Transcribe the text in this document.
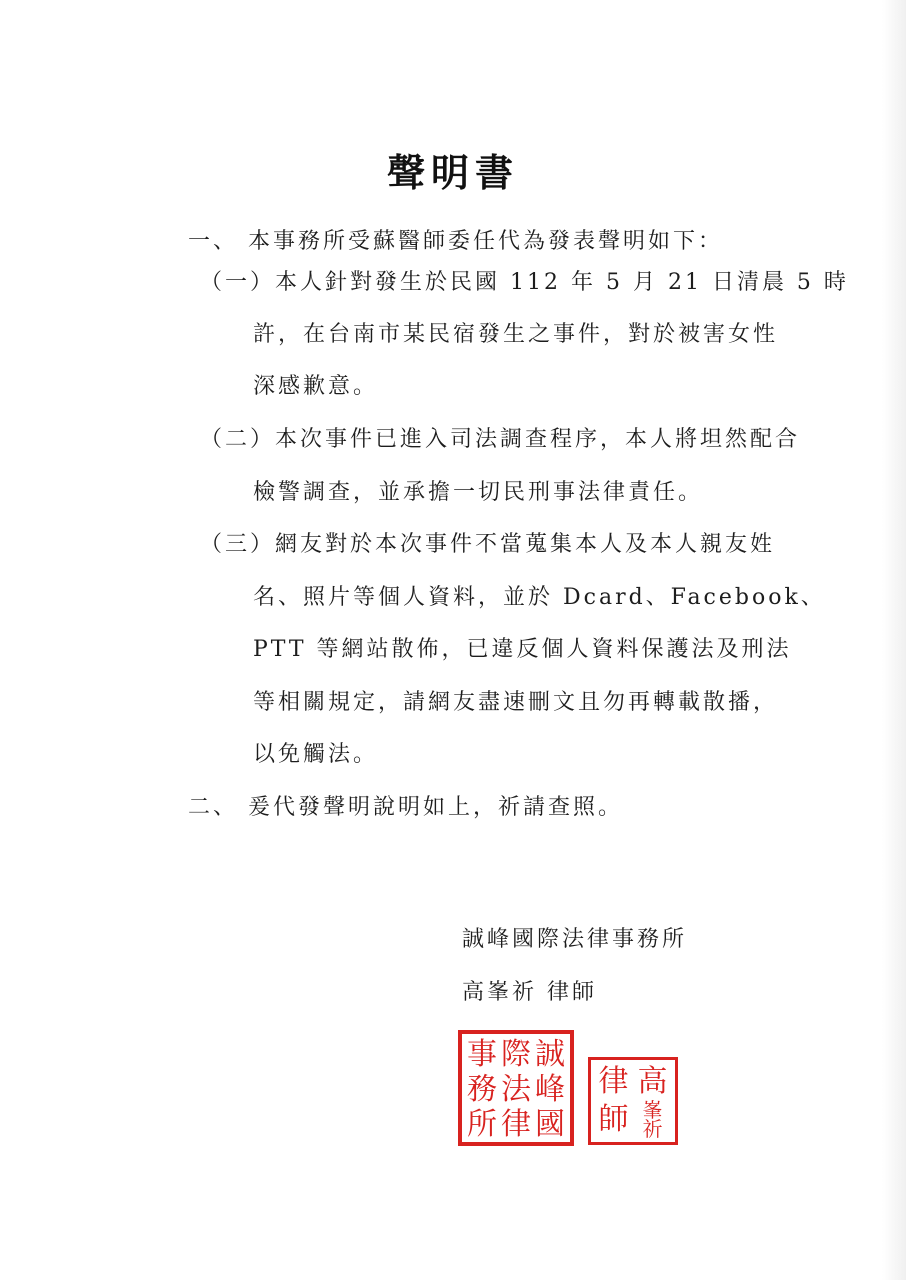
聲明書
一、 本事務所受蘇醫師委任代為發表聲明如下：
（一）本人針對發生於民國 112 年 5 月 21 日清晨 5 時
許，在台南市某民宿發生之事件，對於被害女性
深感歉意。
（二）本次事件已進入司法調查程序，本人將坦然配合
檢警調查，並承擔一切民刑事法律責任。
（三）網友對於本次事件不當蒐集本人及本人親友姓
名、照片等個人資料，並於 Dcard、Facebook、
PTT 等網站散佈，已違反個人資料保護法及刑法
等相關規定，請網友盡速刪文且勿再轉載散播，
以免觸法。
二、 爰代發聲明說明如上，祈請查照。
誠峰國際法律事務所
高峯祈 律師
事 際 誠
務 法 峰
所 律 國
律 高
師 峯祈
